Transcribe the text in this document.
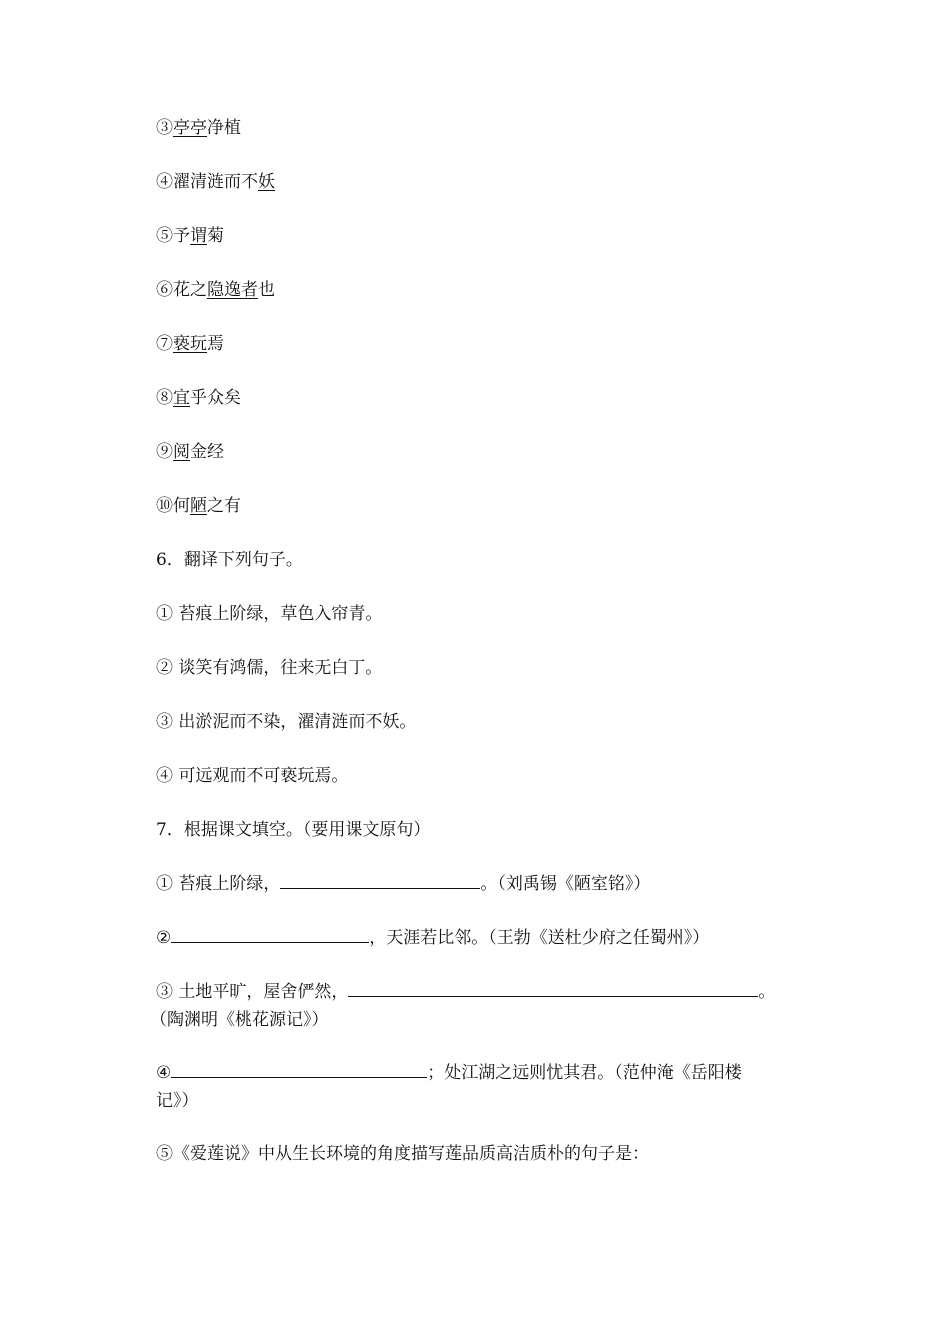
③亭亭净植
④濯清涟而不妖
⑤予谓菊
⑥花之隐逸者也
⑦亵玩焉
⑧宜乎众矣
⑨阅金经
⑩何陋之有
6．翻译下列句子。
① 苔痕上阶绿，草色入帘青。
② 谈笑有鸿儒，往来无白丁。
③ 出淤泥而不染，濯清涟而不妖。
④ 可远观而不可亵玩焉。
7．根据课文填空。（要用课文原句）
① 苔痕上阶绿，	。（刘禹锡《陋室铭》）
②	，天涯若比邻。（王勃《送杜少府之任蜀州》）
③ 土地平旷，屋舍俨然，	。
（陶渊明《桃花源记》）
④	；处江湖之远则忧其君。（范仲淹《岳阳楼
记》）
⑤《爱莲说》中从生长环境的角度描写莲品质高洁质朴的句子是：
